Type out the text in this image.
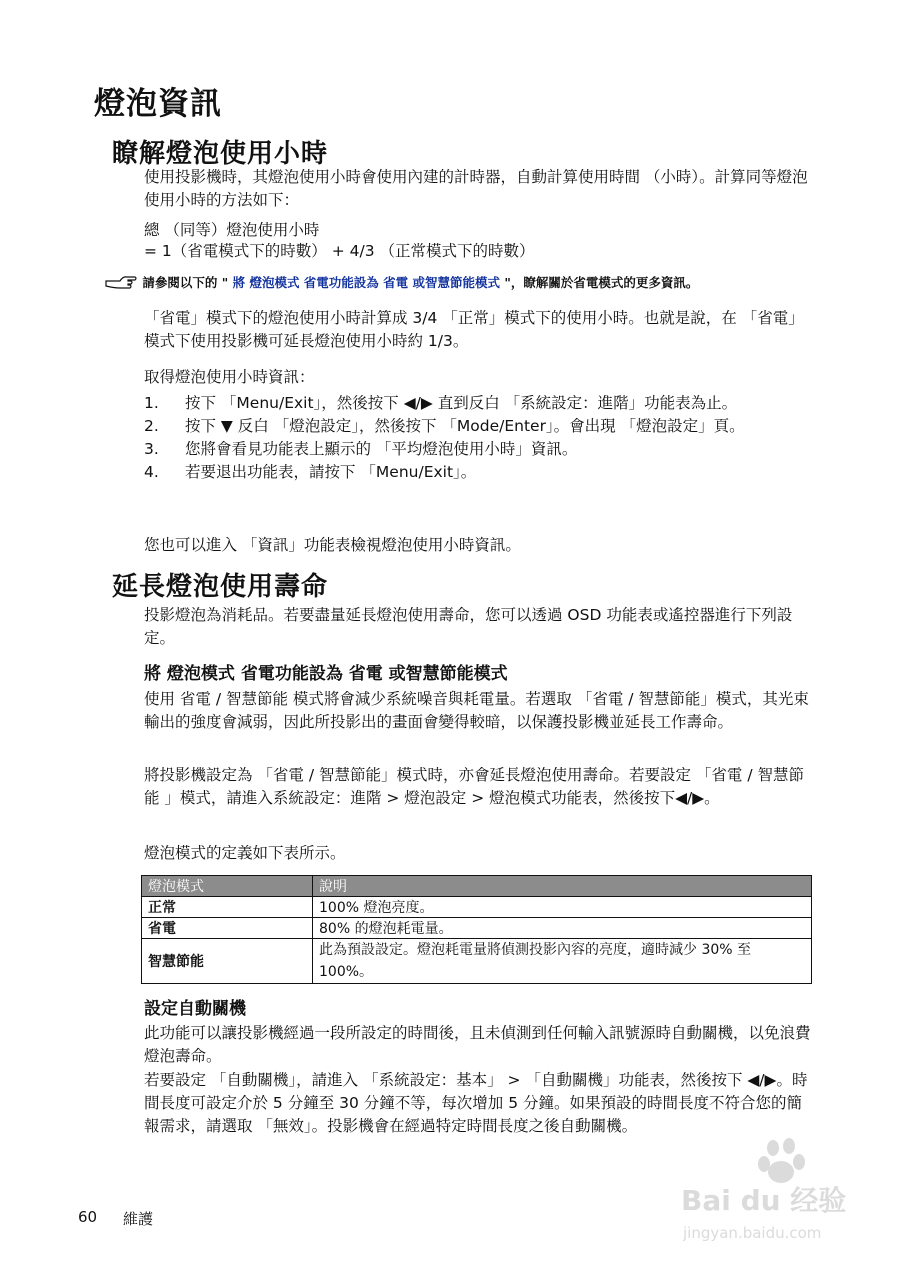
燈泡資訊
瞭解燈泡使用小時
使用投影機時，其燈泡使用小時會使用內建的計時器，自動計算使用時間 （小時）。計算同等燈泡使用小時的方法如下：
總 （同等）燈泡使用小時
= 1（省電模式下的時數） + 4/3 （正常模式下的時數）
請參閱以下的 " 將 燈泡模式 省電功能設為 省電 或智慧節能模式 "，瞭解關於省電模式的更多資訊。
「省電」模式下的燈泡使用小時計算成 3/4 「正常」模式下的使用小時。也就是說，在 「省電」模式下使用投影機可延長燈泡使用小時約 1/3。
取得燈泡使用小時資訊：
1.	按下 「Menu/Exit」，然後按下 ◀/▶ 直到反白 「系統設定：進階」功能表為止。
2.	按下 ▼ 反白 「燈泡設定」，然後按下 「Mode/Enter」。會出現 「燈泡設定」頁。
3.	您將會看見功能表上顯示的 「平均燈泡使用小時」資訊。
4.	若要退出功能表，請按下 「Menu/Exit」。
您也可以進入 「資訊」功能表檢視燈泡使用小時資訊。
延長燈泡使用壽命
投影燈泡為消耗品。若要盡量延長燈泡使用壽命，您可以透過 OSD 功能表或遙控器進行下列設定。
將 燈泡模式 省電功能設為 省電 或智慧節能模式
使用 省電 / 智慧節能 模式將會減少系統噪音與耗電量。若選取 「省電 / 智慧節能」模式，其光束輸出的強度會減弱，因此所投影出的畫面會變得較暗，以保護投影機並延長工作壽命。
將投影機設定為 「省電 / 智慧節能」模式時，亦會延長燈泡使用壽命。若要設定 「省電 / 智慧節能 」模式，請進入系統設定：進階 > 燈泡設定 > 燈泡模式功能表，然後按下◀/▶。
燈泡模式的定義如下表所示。
燈泡模式	說明
正常	100% 燈泡亮度。
省電	80% 的燈泡耗電量。
智慧節能	此為預設設定。燈泡耗電量將偵測投影內容的亮度，適時減少 30% 至 100%。
設定自動關機
此功能可以讓投影機經過一段所設定的時間後，且未偵測到任何輸入訊號源時自動關機，以免浪費燈泡壽命。
若要設定 「自動關機」，請進入 「系統設定：基本」 > 「自動關機」功能表，然後按下 ◀/▶。時間長度可設定介於 5 分鐘至 30 分鐘不等，每次增加 5 分鐘。如果預設的時間長度不符合您的簡報需求，請選取 「無效」。投影機會在經過特定時間長度之後自動關機。
60 維護
Bai du 经验
jingyan.baidu.com
